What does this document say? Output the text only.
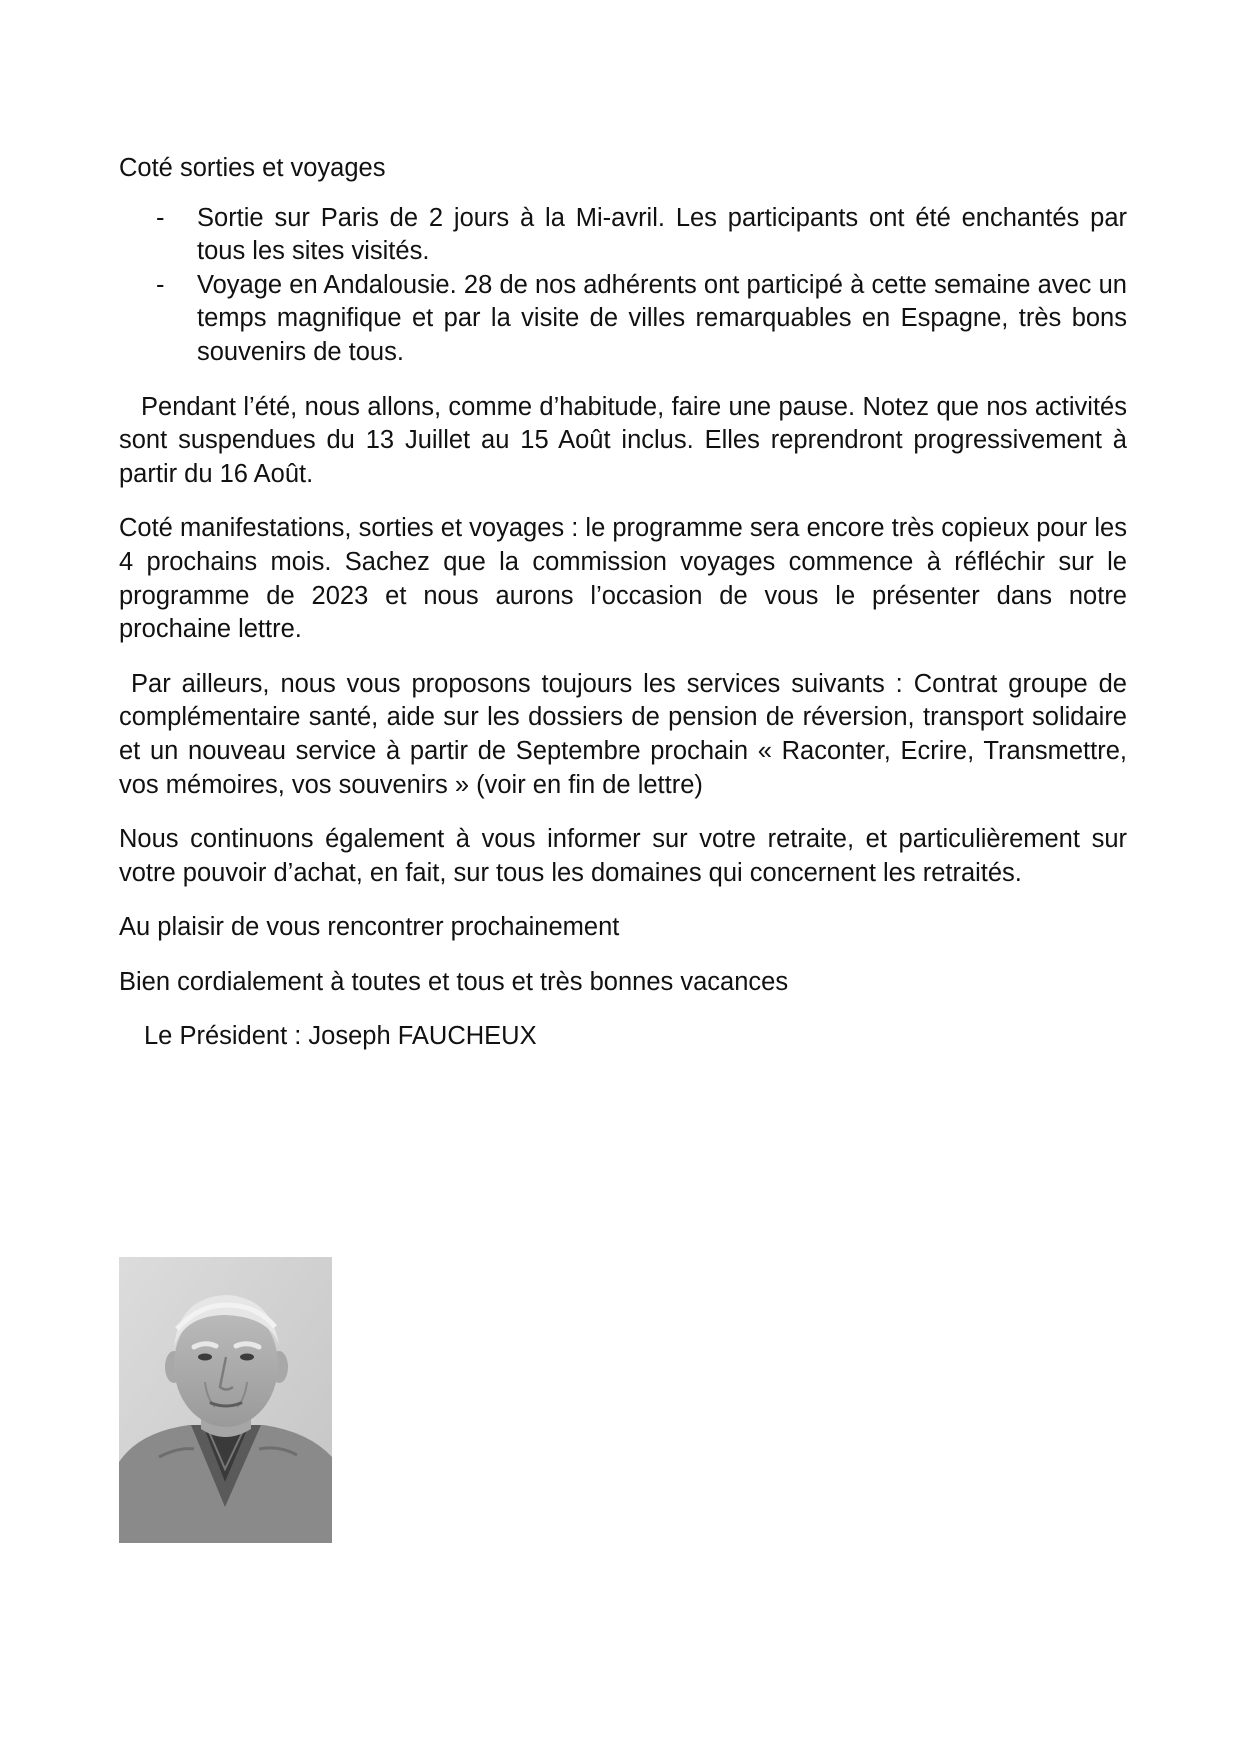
Coté sorties et voyages

- Sortie sur Paris de 2 jours à la Mi-avril. Les participants ont été enchantés par tous les sites visités.
- Voyage en Andalousie. 28 de nos adhérents ont participé à cette semaine avec un temps magnifique et par la visite de villes remarquables en Espagne, très bons souvenirs de tous.

Pendant l’été, nous allons, comme d’habitude, faire une pause. Notez que nos activités sont suspendues du 13 Juillet au 15 Août inclus. Elles reprendront progressivement à partir du 16 Août.

Coté manifestations, sorties et voyages : le programme sera encore très copieux pour les 4 prochains mois. Sachez que la commission voyages commence à réfléchir sur le programme de 2023 et nous aurons l’occasion de vous le présenter dans notre prochaine lettre.

Par ailleurs, nous vous proposons toujours les services suivants : Contrat groupe de complémentaire santé, aide sur les dossiers de pension de réversion, transport solidaire et un nouveau service à partir de Septembre prochain « Raconter, Ecrire, Transmettre, vos mémoires, vos souvenirs » (voir en fin de lettre)

Nous continuons également à vous informer sur votre retraite, et particulièrement sur votre pouvoir d’achat, en fait, sur tous les domaines qui concernent les retraités.

Au plaisir de vous rencontrer prochainement

Bien cordialement à toutes et tous et très bonnes vacances

Le Président : Joseph FAUCHEUX
